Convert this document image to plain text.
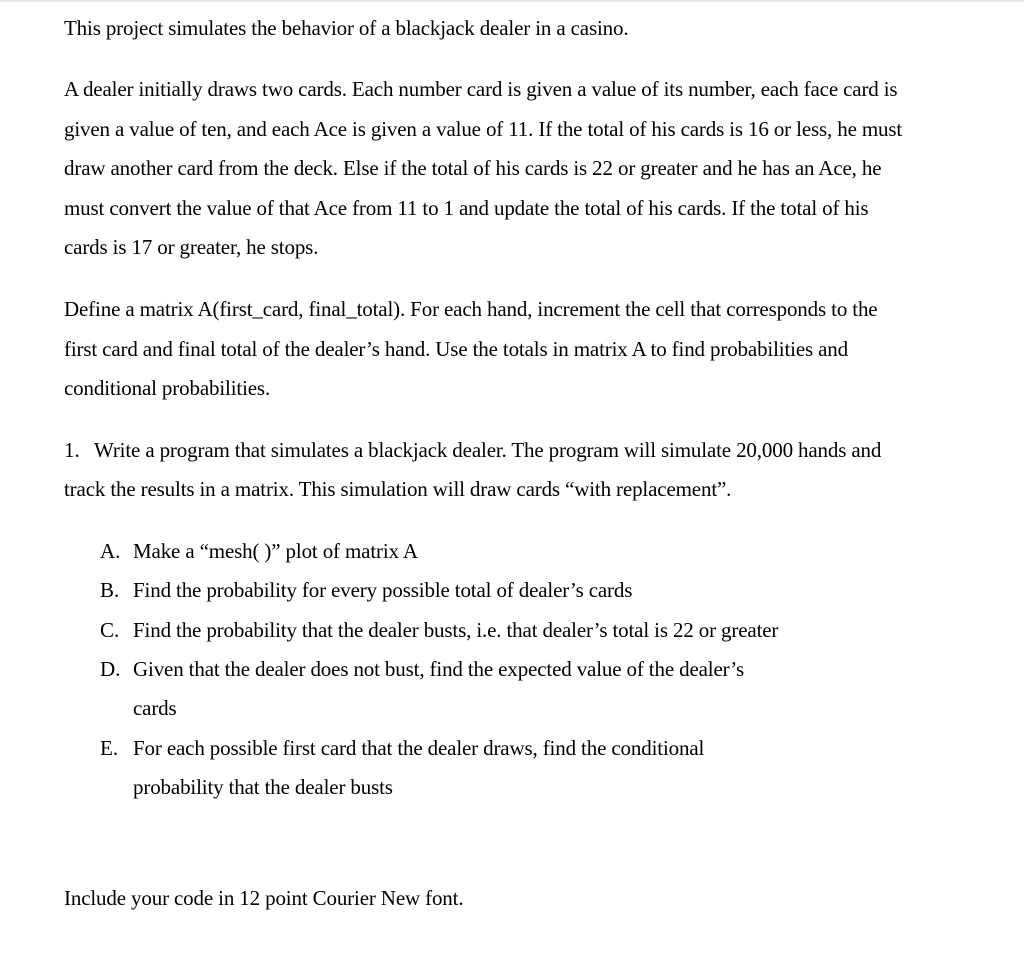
This project simulates the behavior of a blackjack dealer in a casino.
A dealer initially draws two cards. Each number card is given a value of its number, each face card is
given a value of ten, and each Ace is given a value of 11. If the total of his cards is 16 or less, he must
draw another card from the deck. Else if the total of his cards is 22 or greater and he has an Ace, he
must convert the value of that Ace from 11 to 1 and update the total of his cards. If the total of his
cards is 17 or greater, he stops.
Define a matrix A(first_card, final_total). For each hand, increment the cell that corresponds to the
first card and final total of the dealer’s hand. Use the totals in matrix A to find probabilities and
conditional probabilities.
1. Write a program that simulates a blackjack dealer. The program will simulate 20,000 hands and
track the results in a matrix. This simulation will draw cards “with replacement”.
A. Make a “mesh( )” plot of matrix A
B. Find the probability for every possible total of dealer’s cards
C. Find the probability that the dealer busts, i.e. that dealer’s total is 22 or greater
D. Given that the dealer does not bust, find the expected value of the dealer’s
cards
E. For each possible first card that the dealer draws, find the conditional
probability that the dealer busts
Include your code in 12 point Courier New font.
